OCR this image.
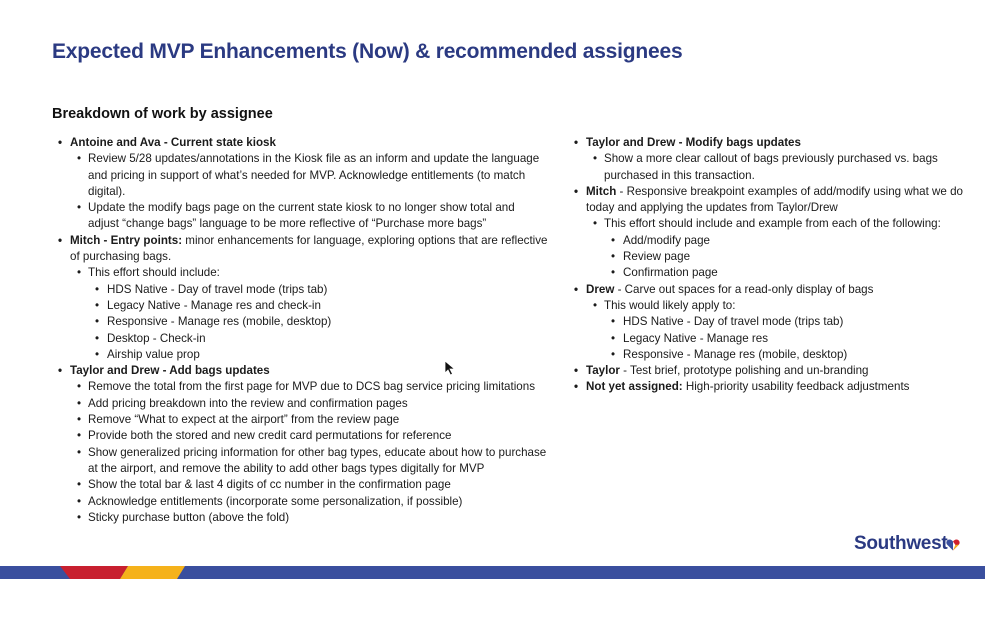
Expected MVP Enhancements (Now) & recommended assignees
Breakdown of work by assignee
• Antoine and Ava - Current state kiosk
• Review 5/28 updates/annotations in the Kiosk file as an inform and update the language and pricing in support of what’s needed for MVP. Acknowledge entitlements (to match digital).
• Update the modify bags page on the current state kiosk to no longer show total and adjust “change bags” language to be more reflective of “Purchase more bags”
• Mitch - Entry points: minor enhancements for language, exploring options that are reflective of purchasing bags.
• This effort should include:
• HDS Native - Day of travel mode (trips tab)
• Legacy Native - Manage res and check-in
• Responsive - Manage res (mobile, desktop)
• Desktop - Check-in
• Airship value prop
• Taylor and Drew - Add bags updates
• Remove the total from the first page for MVP due to DCS bag service pricing limitations
• Add pricing breakdown into the review and confirmation pages
• Remove “What to expect at the airport” from the review page
• Provide both the stored and new credit card permutations for reference
• Show generalized pricing information for other bag types, educate about how to purchase at the airport, and remove the ability to add other bags types digitally for MVP
• Show the total bar & last 4 digits of cc number in the confirmation page
• Acknowledge entitlements (incorporate some personalization, if possible)
• Sticky purchase button (above the fold)
• Taylor and Drew - Modify bags updates
• Show a more clear callout of bags previously purchased vs. bags purchased in this transaction.
• Mitch - Responsive breakpoint examples of add/modify using what we do today and applying the updates from Taylor/Drew
• This effort should include and example from each of the following:
• Add/modify page
• Review page
• Confirmation page
• Drew - Carve out spaces for a read-only display of bags
• This would likely apply to:
• HDS Native - Day of travel mode (trips tab)
• Legacy Native - Manage res
• Responsive - Manage res (mobile, desktop)
• Taylor - Test brief, prototype polishing and un-branding
• Not yet assigned: High-priority usability feedback adjustments
Southwest
